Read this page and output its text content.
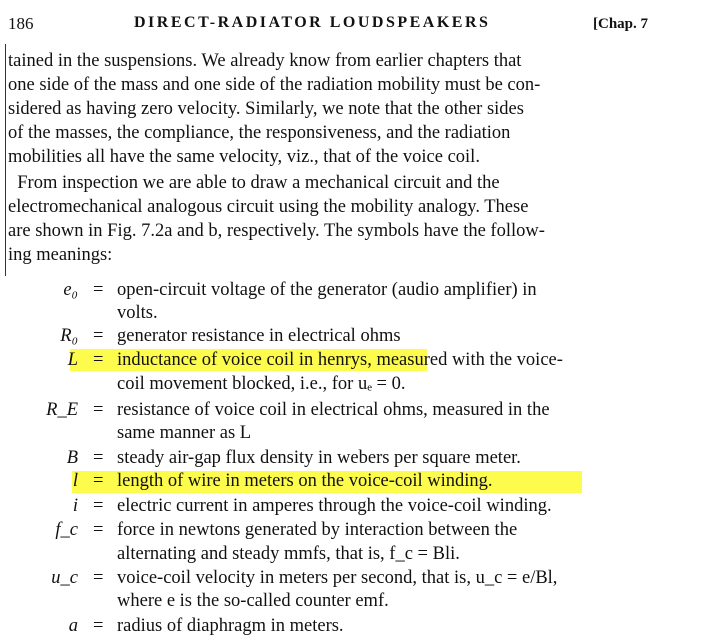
186	DIRECT-RADIATOR LOUDSPEAKERS	[Chap. 7
tained in the suspensions. We already know from earlier chapters that
one side of the mass and one side of the radiation mobility must be con-
sidered as having zero velocity. Similarly, we note that the other sides
of the masses, the compliance, the responsiveness, and the radiation
mobilities all have the same velocity, viz., that of the voice coil.
From inspection we are able to draw a mechanical circuit and the
electromechanical analogous circuit using the mobility analogy. These
are shown in Fig. 7.2a and b, respectively. The symbols have the follow-
ing meanings:
e₀ = open-circuit voltage of the generator (audio amplifier) in
volts.
R₀ = generator resistance in electrical ohms
L = inductance of voice coil in henrys, measured with the voice-
coil movement blocked, i.e., for uₑ = 0.
R_E = resistance of voice coil in electrical ohms, measured in the
same manner as L
B = steady air-gap flux density in webers per square meter.
l = length of wire in meters on the voice-coil winding.
i = electric current in amperes through the voice-coil winding.
f_c = force in newtons generated by interaction between the
alternating and steady mmfs, that is, f_c = Bli.
u_c = voice-coil velocity in meters per second, that is, u_c = e/Bl,
where e is the so-called counter emf.
a = radius of diaphragm in meters.
